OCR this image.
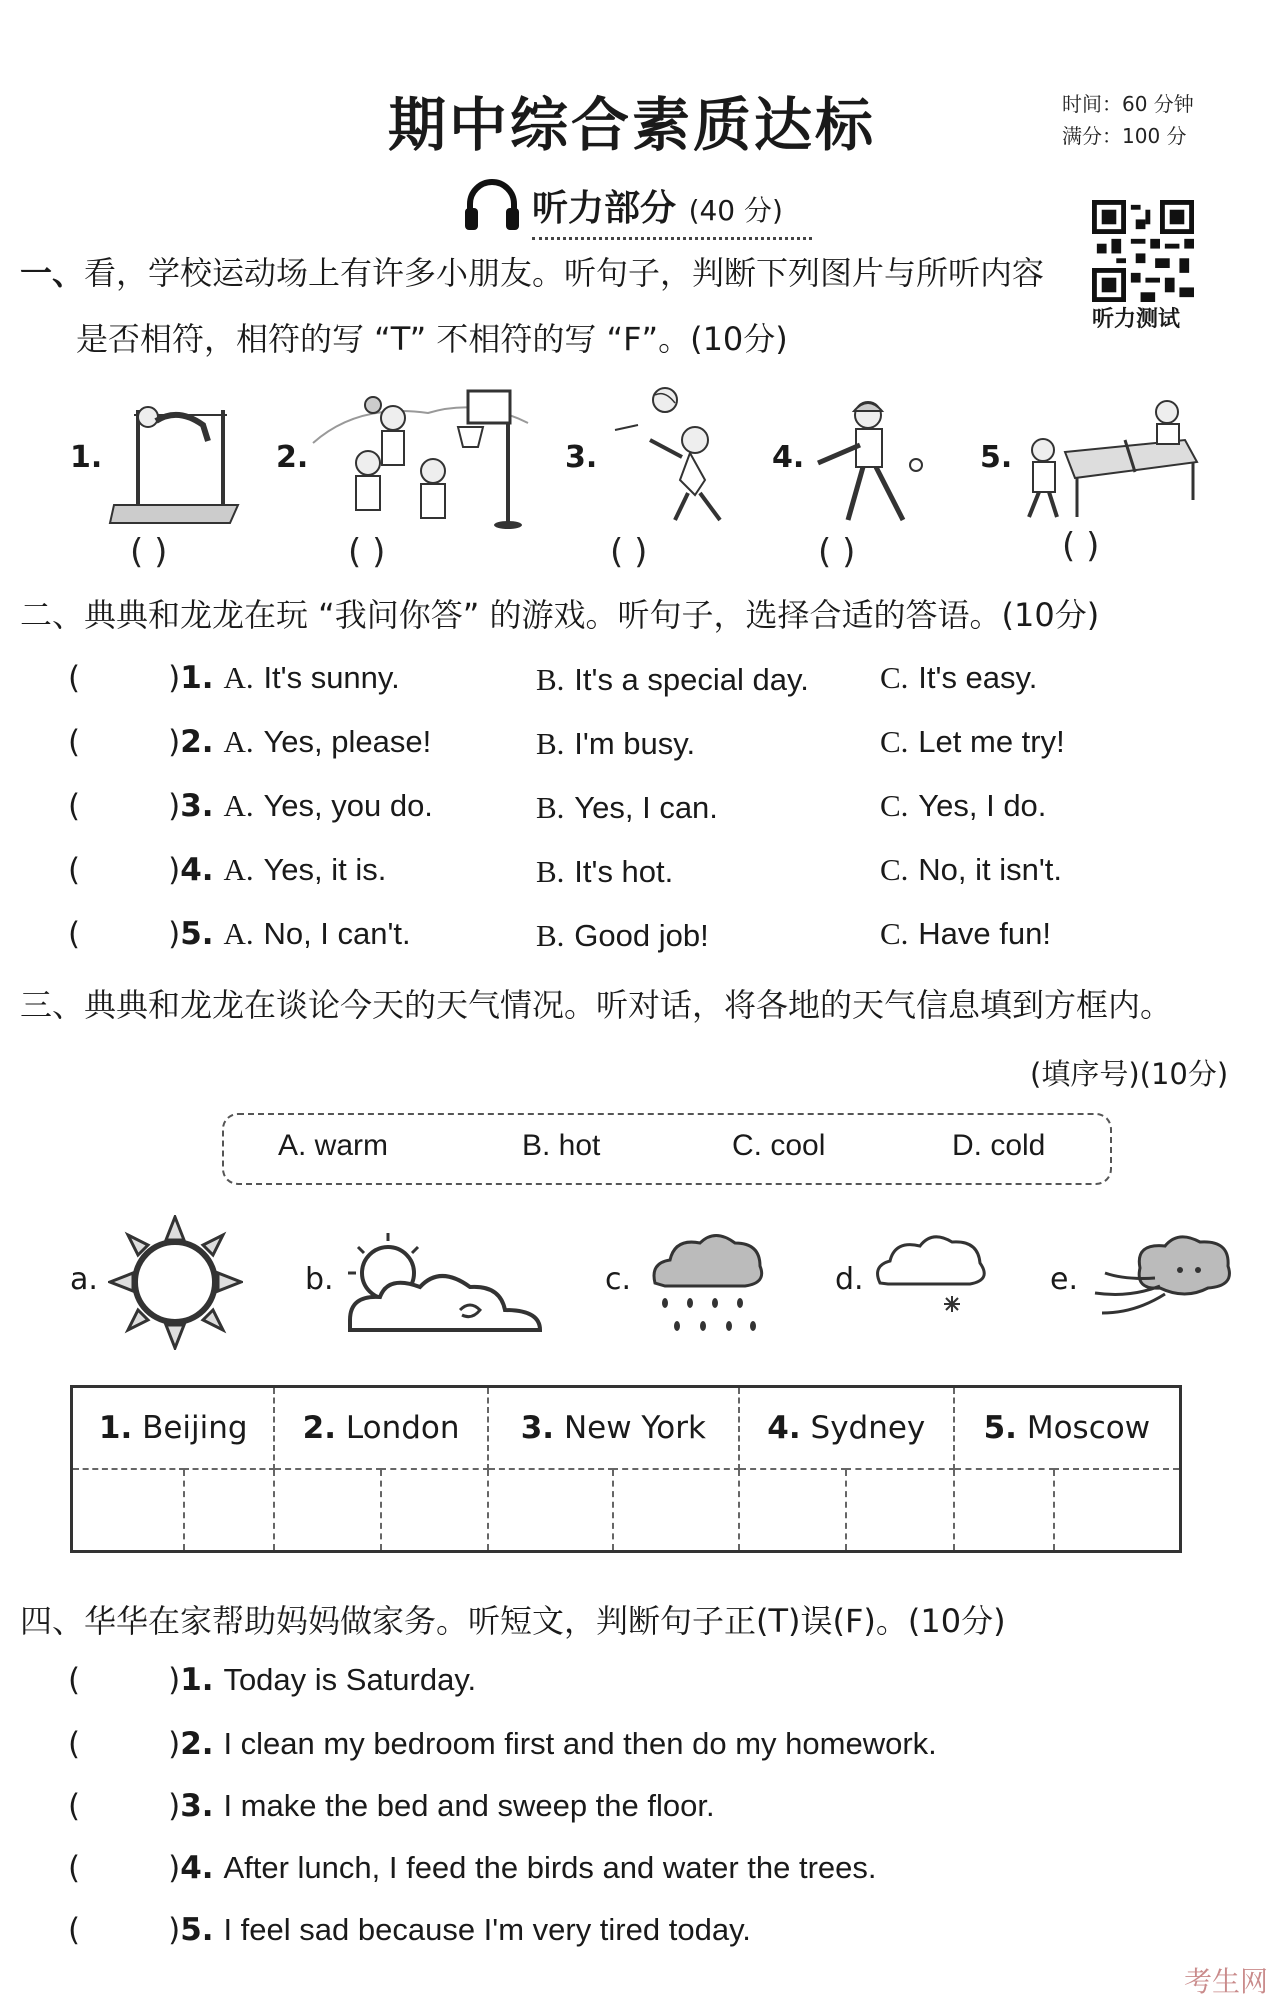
期中综合素质达标	时间：60 分钟
满分：100 分
听力部分 (40 分)
听力测试
一、看，学校运动场上有许多小朋友。听句子，判断下列图片与所听内容
是否相符，相符的写 “T” 不相符的写 “F”。(10分)
1.
( )
2.
( )
3.
( )
4.
( )
5.
( )
二、典典和龙龙在玩 “我问你答” 的游戏。听句子，选择合适的答语。(10分)
(	)1. A. It's sunny.	B. It's a special day. C. It's easy.
(	)2. A. Yes, please!	B. I'm busy.	C. Let me try!
(	)3. A. Yes, you do.	B. Yes, I can.	C. Yes, I do.
(	)4. A. Yes, it is.	B. It's hot.	C. No, it isn't.
(	)5. A. No, I can't.	B. Good job!	C. Have fun!
三、典典和龙龙在谈论今天的天气情况。听对话，将各地的天气信息填到方框内。
(填序号)(10分)
A. warm	B. hot	C. cool	D. cold
a.	b.	c.	d.	e.
1. Beijing		2. London		3. New York		4. Sydney		5. Moscow	

四、华华在家帮助妈妈做家务。听短文，判断句子正(T)误(F)。(10分)
(	)1. Today is Saturday.
(	)2. I clean my bedroom first and then do my homework.
(	)3. I make the bed and sweep the floor.
(	)4. After lunch, I feed the birds and water the trees.
(	)5. I feel sad because I'm very tired today.
考生网
